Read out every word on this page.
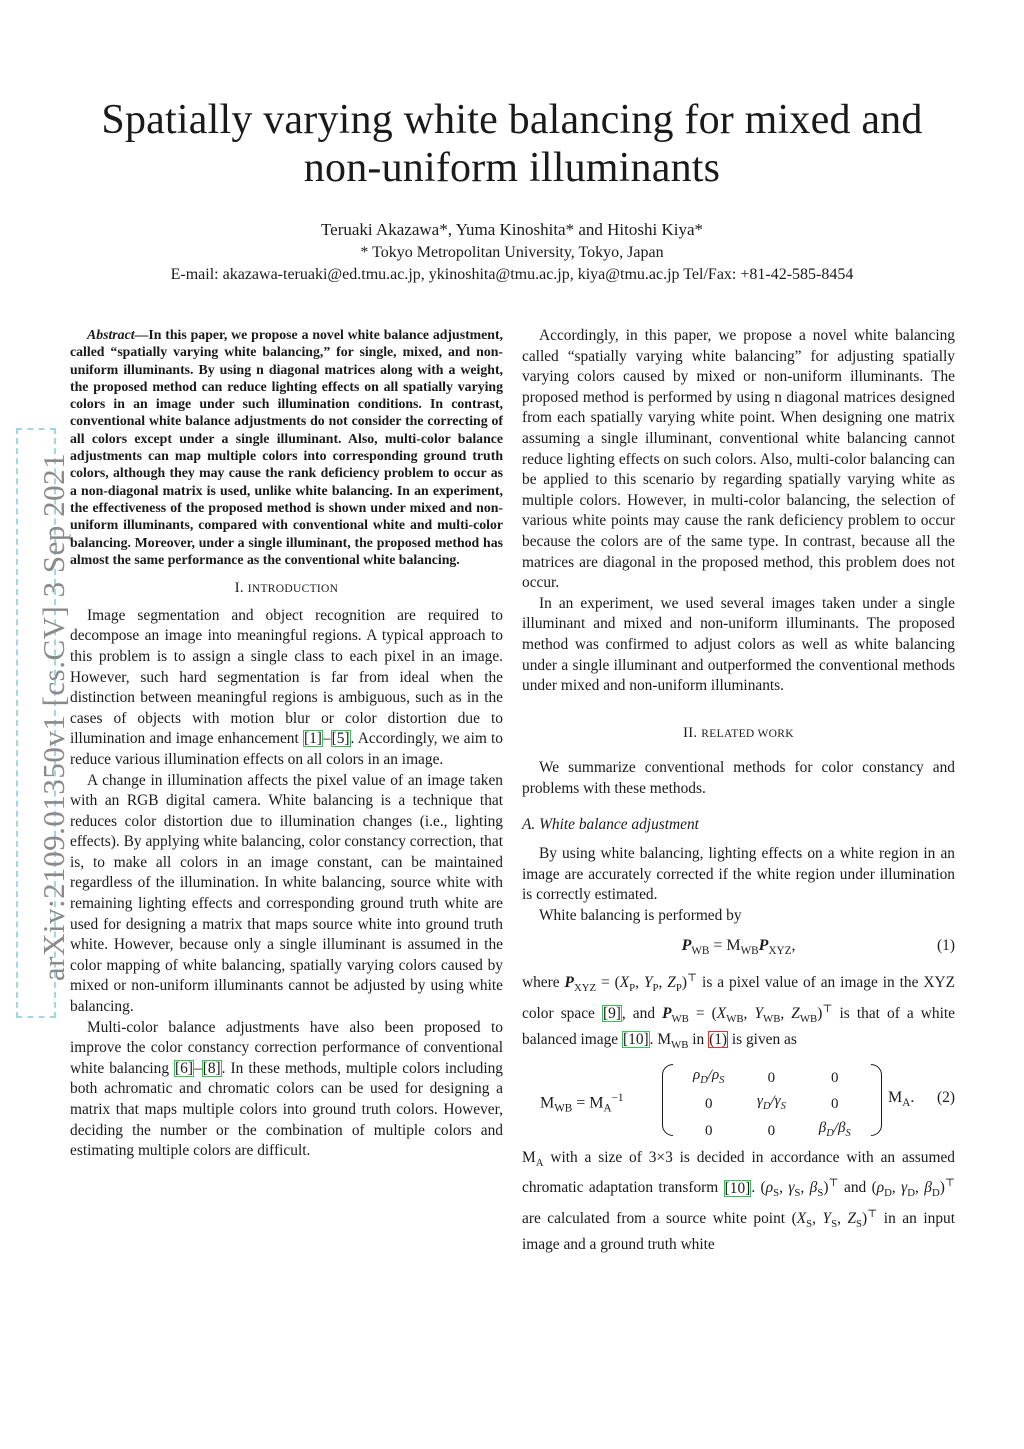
Spatially varying white balancing for mixed and non-uniform illuminants
Teruaki Akazawa*, Yuma Kinoshita* and Hitoshi Kiya*
* Tokyo Metropolitan University, Tokyo, Japan
E-mail: akazawa-teruaki@ed.tmu.ac.jp, ykinoshita@tmu.ac.jp, kiya@tmu.ac.jp Tel/Fax: +81-42-585-8454
arXiv:2109.01350v1 [cs.CV] 3 Sep 2021

Abstract—In this paper, we propose a novel white balance adjustment, called “spatially varying white balancing,” for single, mixed, and non-uniform illuminants. By using n diagonal matrices along with a weight, the proposed method can reduce lighting effects on all spatially varying colors in an image under such illumination conditions. In contrast, conventional white balance adjustments do not consider the correcting of all colors except under a single illuminant. Also, multi-color balance adjustments can map multiple colors into corresponding ground truth colors, although they may cause the rank deficiency problem to occur as a non-diagonal matrix is used, unlike white balancing. In an experiment, the effectiveness of the proposed method is shown under mixed and non-uniform illuminants, compared with conventional white and multi-color balancing. Moreover, under a single illuminant, the proposed method has almost the same performance as the conventional white balancing.

I. INTRODUCTION

Image segmentation and object recognition are required to decompose an image into meaningful regions. A typical approach to this problem is to assign a single class to each pixel in an image. However, such hard segmentation is far from ideal when the distinction between meaningful regions is ambiguous, such as in the cases of objects with motion blur or color distortion due to illumination and image enhancement [1]–[5]. Accordingly, we aim to reduce various illumination effects on all colors in an image.

A change in illumination affects the pixel value of an image taken with an RGB digital camera. White balancing is a technique that reduces color distortion due to illumination changes (i.e., lighting effects). By applying white balancing, color constancy correction, that is, to make all colors in an image constant, can be maintained regardless of the illumination. In white balancing, source white with remaining lighting effects and corresponding ground truth white are used for designing a matrix that maps source white into ground truth white. However, because only a single illuminant is assumed in the color mapping of white balancing, spatially varying colors caused by mixed or non-uniform illuminants cannot be adjusted by using white balancing.

Multi-color balance adjustments have also been proposed to improve the color constancy correction performance of conventional white balancing [6]–[8]. In these methods, multiple colors including both achromatic and chromatic colors can be used for designing a matrix that maps multiple colors into ground truth colors. However, deciding the number or the combination of multiple colors and estimating multiple colors are difficult.

Accordingly, in this paper, we propose a novel white balancing called “spatially varying white balancing” for adjusting spatially varying colors caused by mixed or non-uniform illuminants. The proposed method is performed by using n diagonal matrices designed from each spatially varying white point. When designing one matrix assuming a single illuminant, conventional white balancing cannot reduce lighting effects on such colors. Also, multi-color balancing can be applied to this scenario by regarding spatially varying white as multiple colors. However, in multi-color balancing, the selection of various white points may cause the rank deficiency problem to occur because the colors are of the same type. In contrast, because all the matrices are diagonal in the proposed method, this problem does not occur.

In an experiment, we used several images taken under a single illuminant and mixed and non-uniform illuminants. The proposed method was confirmed to adjust colors as well as white balancing under a single illuminant and outperformed the conventional methods under mixed and non-uniform illuminants.

II. RELATED WORK

We summarize conventional methods for color constancy and problems with these methods.

A. White balance adjustment

By using white balancing, lighting effects on a white region in an image are accurately corrected if the white region under illumination is correctly estimated.

White balancing is performed by

$P_{WB} = M_{WB}P_{XYZ}$,	(1)

where $P_{XYZ} = (X_P$, $Y_P$, $Z_P)^⊤$ is a pixel value of an image in the XYZ color space [9], and $P_{WB} = (X_{WB}$, $Y_{WB}$, $Z_{WB})^⊤$ is that of a white balanced image [10]. $M_{WB}$ in (1) is given as

$M_{WB} = M_A^{-1}$
$\rho_D/\rho_S$	0	0
0	$\gamma_D/\gamma_S$	0
0	0	$\beta_D/\beta_S$
$M_A$. (2)

$M_A$ with a size of 3×3 is decided in accordance with an assumed chromatic adaptation transform [10]. ($\rho_S$, $\gamma_S$, $\beta_S)^⊤$ and ($\rho_D$, $\gamma_D$, $\beta_D)^⊤$ are calculated from a source white point ($X_S$, $Y_S$, $Z_S)^⊤$ in an input image and a ground truth white
